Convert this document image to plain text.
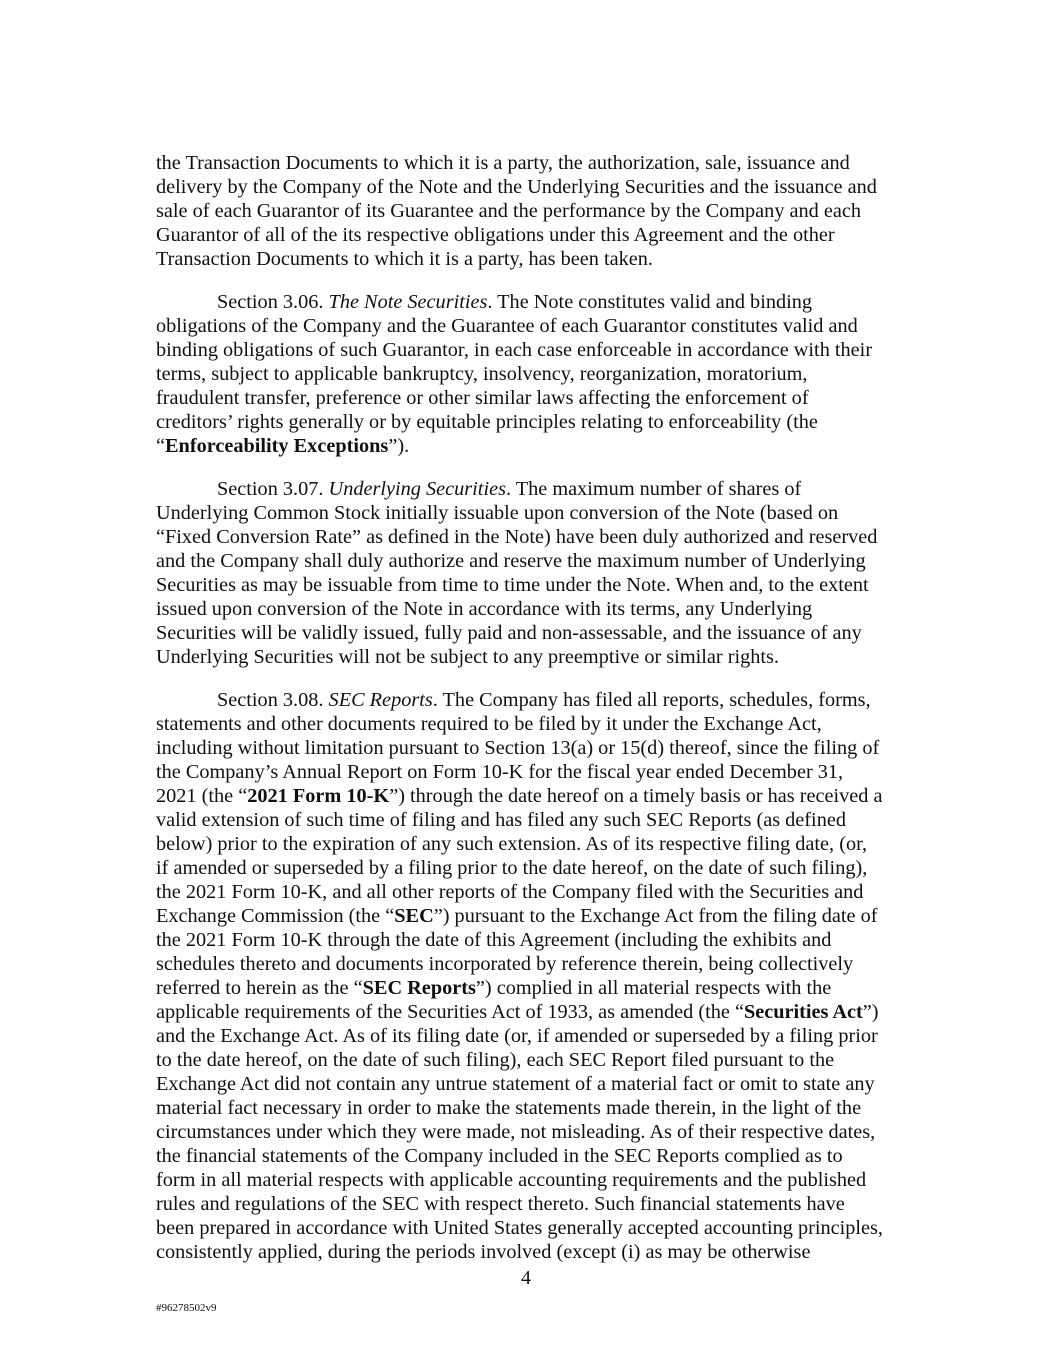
the Transaction Documents to which it is a party, the authorization, sale, issuance and
delivery by the Company of the Note and the Underlying Securities and the issuance and
sale of each Guarantor of its Guarantee and the performance by the Company and each
Guarantor of all of the its respective obligations under this Agreement and the other
Transaction Documents to which it is a party, has been taken.
Section 3.06. The Note Securities. The Note constitutes valid and binding
obligations of the Company and the Guarantee of each Guarantor constitutes valid and
binding obligations of such Guarantor, in each case enforceable in accordance with their
terms, subject to applicable bankruptcy, insolvency, reorganization, moratorium,
fraudulent transfer, preference or other similar laws affecting the enforcement of
creditors’ rights generally or by equitable principles relating to enforceability (the
“Enforceability Exceptions”).
Section 3.07. Underlying Securities. The maximum number of shares of
Underlying Common Stock initially issuable upon conversion of the Note (based on
“Fixed Conversion Rate” as defined in the Note) have been duly authorized and reserved
and the Company shall duly authorize and reserve the maximum number of Underlying
Securities as may be issuable from time to time under the Note. When and, to the extent
issued upon conversion of the Note in accordance with its terms, any Underlying
Securities will be validly issued, fully paid and non-assessable, and the issuance of any
Underlying Securities will not be subject to any preemptive or similar rights.
Section 3.08. SEC Reports. The Company has filed all reports, schedules, forms,
statements and other documents required to be filed by it under the Exchange Act,
including without limitation pursuant to Section 13(a) or 15(d) thereof, since the filing of
the Company’s Annual Report on Form 10-K for the fiscal year ended December 31,
2021 (the “2021 Form 10-K”) through the date hereof on a timely basis or has received a
valid extension of such time of filing and has filed any such SEC Reports (as defined
below) prior to the expiration of any such extension. As of its respective filing date, (or,
if amended or superseded by a filing prior to the date hereof, on the date of such filing),
the 2021 Form 10-K, and all other reports of the Company filed with the Securities and
Exchange Commission (the “SEC”) pursuant to the Exchange Act from the filing date of
the 2021 Form 10-K through the date of this Agreement (including the exhibits and
schedules thereto and documents incorporated by reference therein, being collectively
referred to herein as the “SEC Reports”) complied in all material respects with the
applicable requirements of the Securities Act of 1933, as amended (the “Securities Act”)
and the Exchange Act. As of its filing date (or, if amended or superseded by a filing prior
to the date hereof, on the date of such filing), each SEC Report filed pursuant to the
Exchange Act did not contain any untrue statement of a material fact or omit to state any
material fact necessary in order to make the statements made therein, in the light of the
circumstances under which they were made, not misleading. As of their respective dates,
the financial statements of the Company included in the SEC Reports complied as to
form in all material respects with applicable accounting requirements and the published
rules and regulations of the SEC with respect thereto. Such financial statements have
been prepared in accordance with United States generally accepted accounting principles,
consistently applied, during the periods involved (except (i) as may be otherwise
4
#96278502v9
